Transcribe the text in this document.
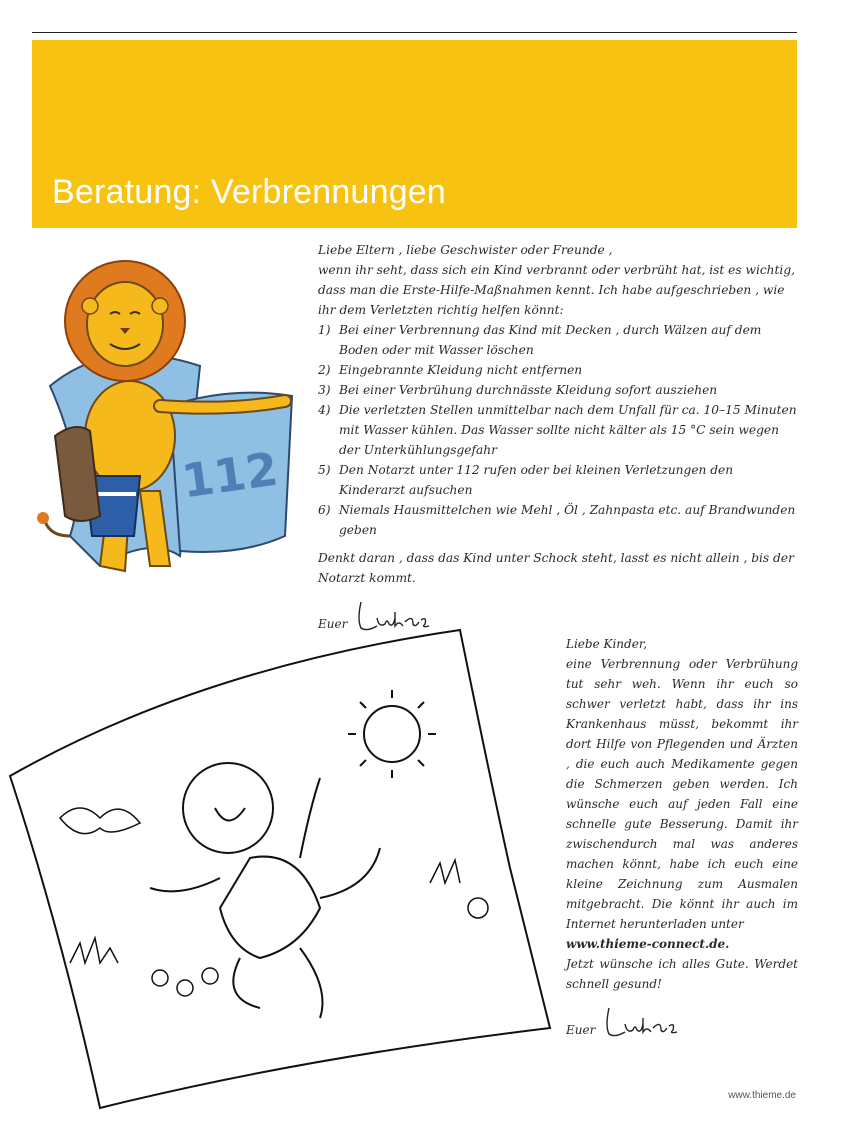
Beratung: Verbrennungen
112

Liebe Eltern , liebe Geschwister oder Freunde ,

wenn ihr seht, dass sich ein Kind verbrannt oder verbrüht hat, ist es wichtig, dass man die Erste-Hilfe-Maßnahmen kennt. Ich habe aufgeschrieben , wie ihr dem Verletzten richtig helfen könnt:

1) Bei einer Verbrennung das Kind mit Decken , durch Wälzen auf dem Boden oder mit Wasser löschen
2) Eingebrannte Kleidung nicht entfernen
3) Bei einer Verbrühung durchnässte Kleidung sofort ausziehen
4) Die verletzten Stellen unmittelbar nach dem Unfall für ca. 10–15 Minuten mit Wasser kühlen. Das Wasser sollte nicht kälter als 15 °C sein wegen der Unterkühlungsgefahr
5) Den Notarzt unter 112 rufen oder bei kleinen Verletzungen den Kinderarzt aufsuchen
6) Niemals Hausmittelchen wie Mehl , Öl , Zahnpasta etc. auf Brandwunden geben

Denkt daran , dass das Kind unter Schock steht, lasst es nicht allein , bis der Notarzt kommt.

Euer

Liebe Kinder,

eine Verbrennung oder Verbrühung tut sehr weh. Wenn ihr euch so schwer verletzt habt, dass ihr ins Krankenhaus müsst, bekommt ihr dort Hilfe von Pflegenden und Ärzten , die euch auch Medikamente gegen die Schmerzen geben werden. Ich wünsche euch auf jeden Fall eine schnelle gute Besserung. Damit ihr zwischendurch mal was anderes machen könnt, habe ich euch eine kleine Zeichnung zum Ausmalen mitgebracht. Die könnt ihr auch im Internet herunterladen unter

www.thieme-connect.de.

Jetzt wünsche ich alles Gute. Werdet schnell gesund!

Euer
www.thieme.de
